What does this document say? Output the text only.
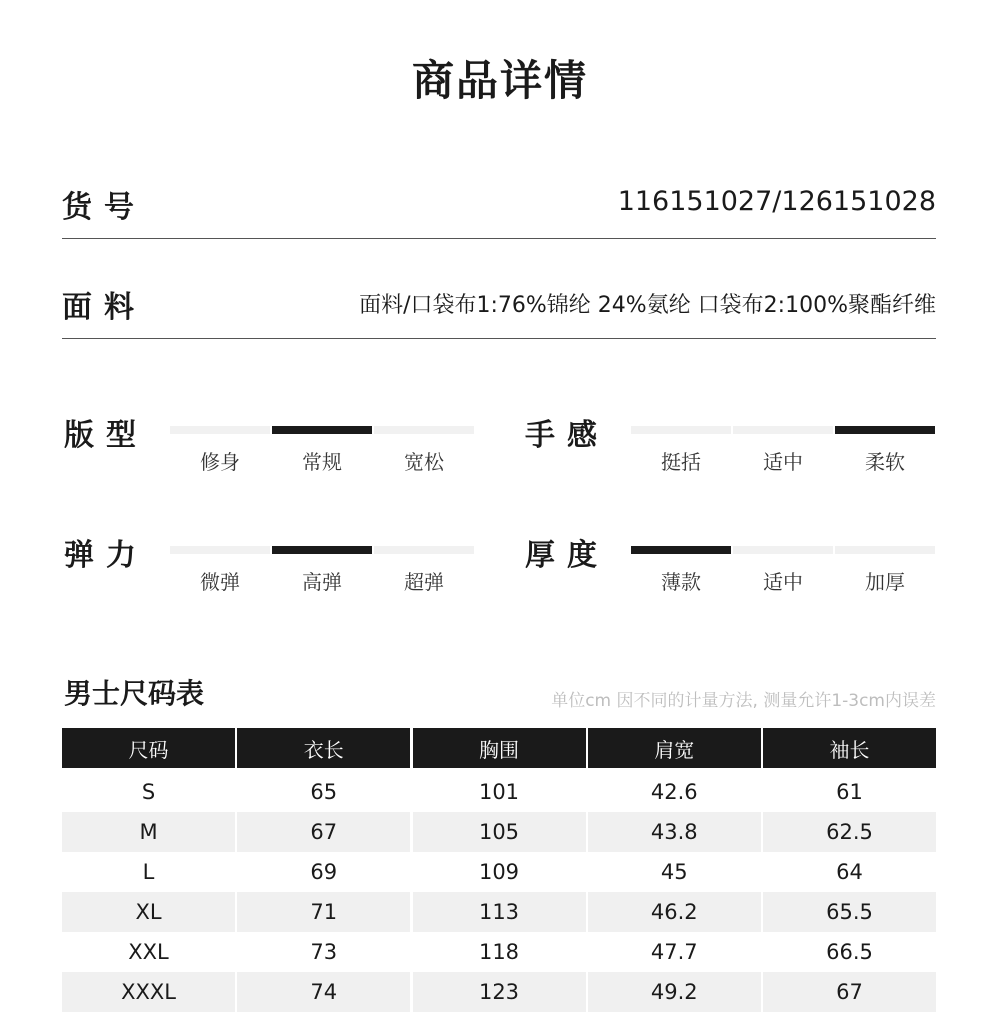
商品详情
货号	116151027/126151028
面料	面料/口袋布1:76%锦纶 24%氨纶 口袋布2:100%聚酯纤维
版型
修身	常规	宽松
手感
挺括	适中	柔软
弹力
微弹	高弹	超弹
厚度
薄款	适中	加厚
男士尺码表	单位cm 因不同的计量方法, 测量允许1-3cm内误差
尺码	衣长	胸围	肩宽	袖长
S	65	101	42.6	61
M	67	105	43.8	62.5
L	69	109	45	64
XL	71	113	46.2	65.5
XXL	73	118	47.7	66.5
XXXL	74	123	49.2	67
